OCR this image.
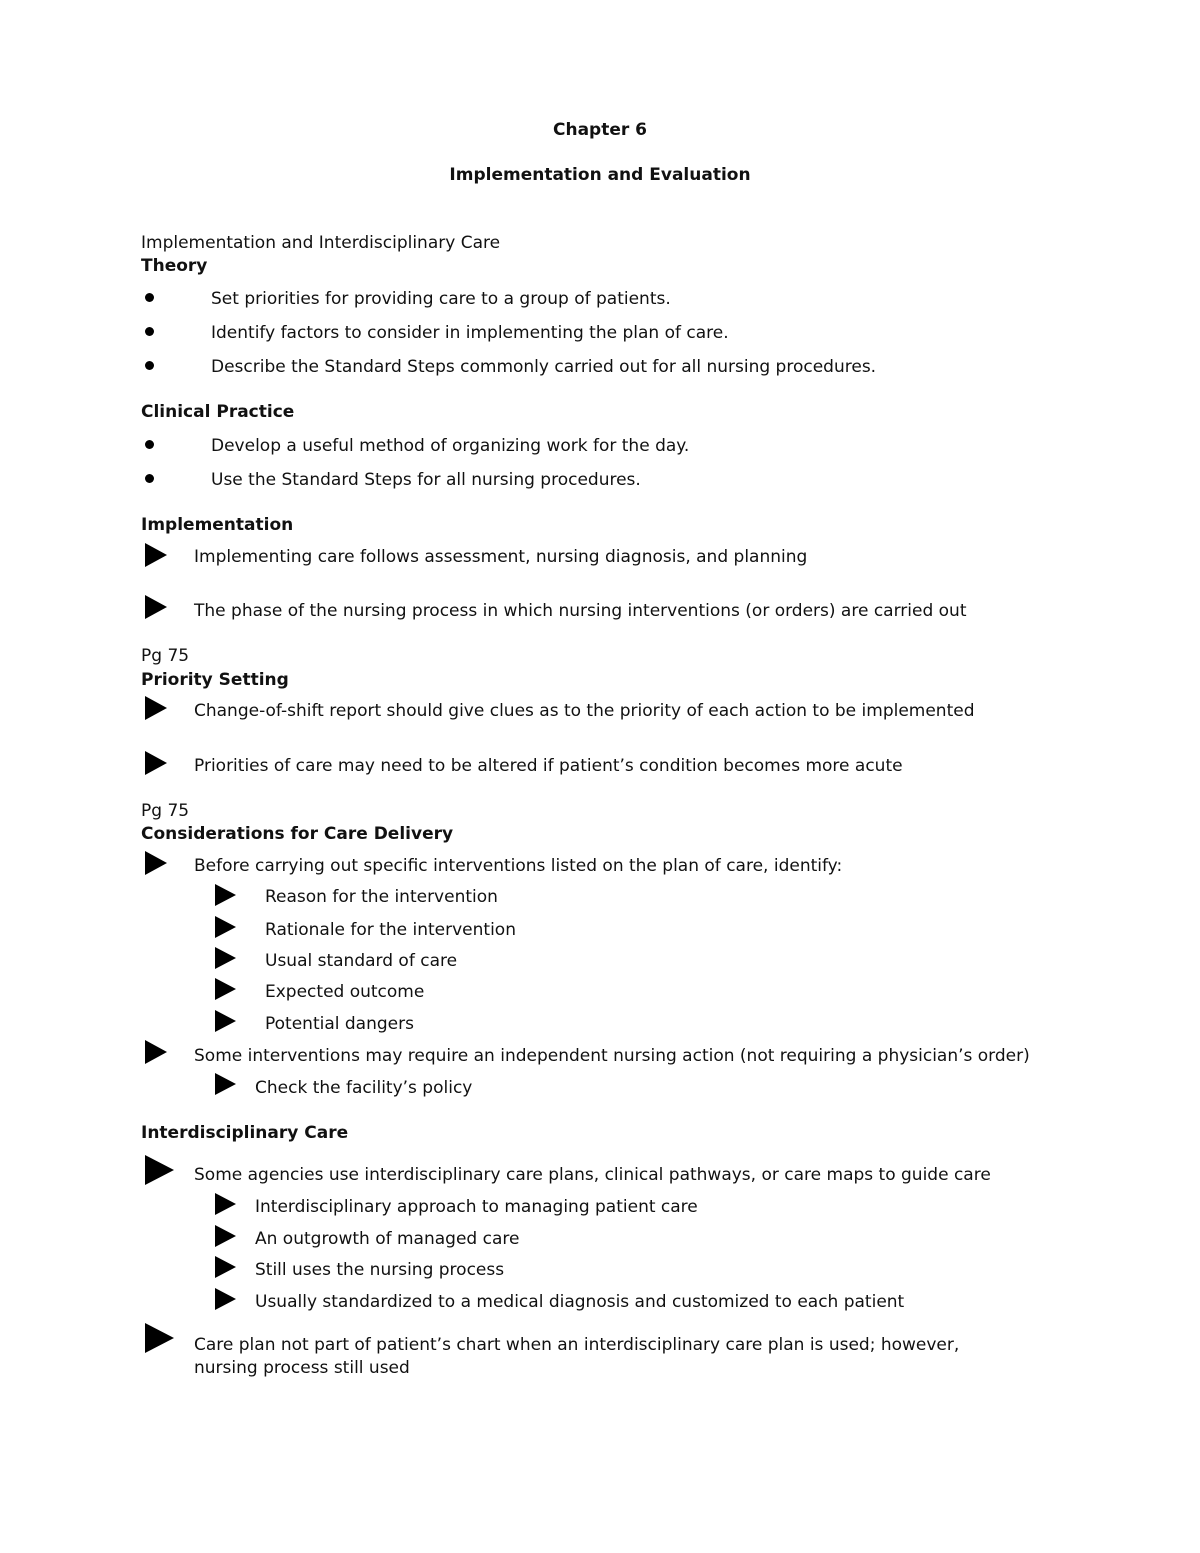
Chapter 6
Implementation and Evaluation
Implementation and Interdisciplinary Care
Theory
Set priorities for providing care to a group of patients.
Identify factors to consider in implementing the plan of care.
Describe the Standard Steps commonly carried out for all nursing procedures.
Clinical Practice
Develop a useful method of organizing work for the day.
Use the Standard Steps for all nursing procedures.
Implementation
Implementing care follows assessment, nursing diagnosis, and planning
The phase of the nursing process in which nursing interventions (or orders) are carried out
Pg 75
Priority Setting
Change-of-shift report should give clues as to the priority of each action to be implemented
Priorities of care may need to be altered if patient’s condition becomes more acute
Pg 75
Considerations for Care Delivery
Before carrying out specific interventions listed on the plan of care, identify:
Reason for the intervention
Rationale for the intervention
Usual standard of care
Expected outcome
Potential dangers
Some interventions may require an independent nursing action (not requiring a physician’s order)
Check the facility’s policy
Interdisciplinary Care
Some agencies use interdisciplinary care plans, clinical pathways, or care maps to guide care
Interdisciplinary approach to managing patient care
An outgrowth of managed care
Still uses the nursing process
Usually standardized to a medical diagnosis and customized to each patient
Care plan not part of patient’s chart when an interdisciplinary care plan is used; however,
nursing process still used
